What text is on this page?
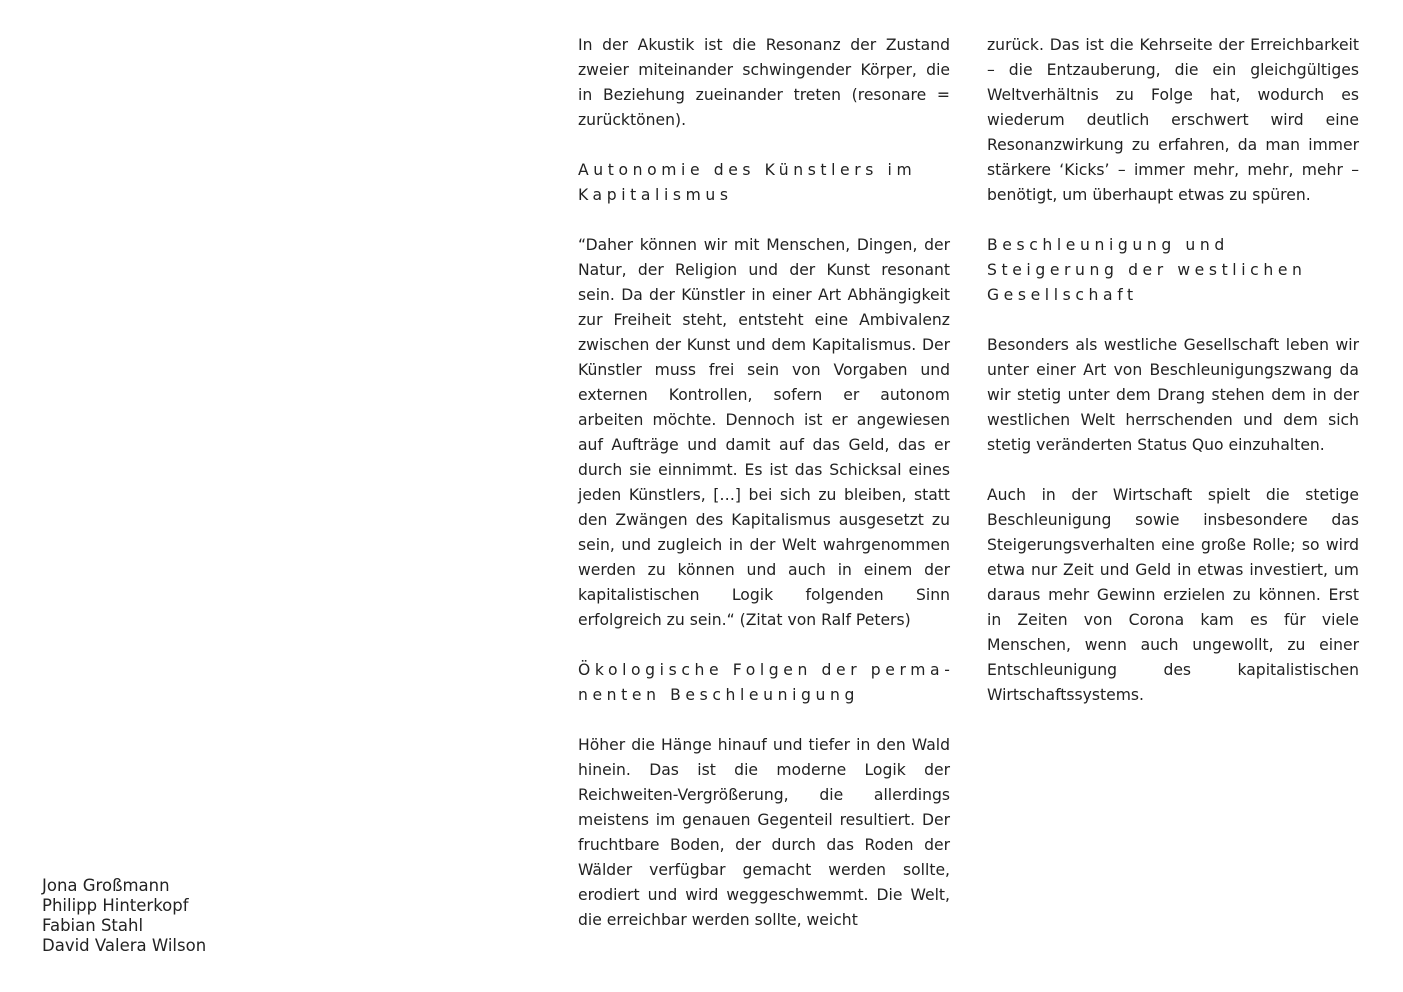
Jona Großmann
Philipp Hinterkopf
Fabian Stahl
David Valera Wilson

In der Akustik ist die Resonanz der Zustand zweier miteinander schwingender Körper, die in Beziehung zueinander treten (resonare = zurücktönen).

Autonomie des Künstlers im Kapitalismus

“Daher können wir mit Menschen, Dingen, der Natur, der Religion und der Kunst resonant sein. Da der Künstler in einer Art Abhängigkeit zur Freiheit steht, entsteht eine Ambivalenz zwischen der Kunst und dem Kapitalismus. Der Künstler muss frei sein von Vorgaben und externen Kontrollen, sofern er autonom arbeiten möchte. Dennoch ist er angewiesen auf Aufträge und damit auf das Geld, das er durch sie einnimmt. Es ist das Schicksal eines jeden Künstlers, […] bei sich zu bleiben, statt den Zwängen des Kapitalismus ausgesetzt zu sein, und zugleich in der Welt wahrgenommen werden zu können und auch in einem der kapitalistischen Logik folgenden Sinn erfolgreich zu sein.“ (Zitat von Ralf Peters)

Ökologische Folgen der permanenten Beschleunigung

Höher die Hänge hinauf und tiefer in den Wald hinein. Das ist die moderne Logik der Reichweiten-Vergrößerung, die allerdings meistens im genauen Gegenteil resultiert. Der fruchtbare Boden, der durch das Roden der Wälder verfügbar gemacht werden sollte, erodiert und wird weggeschwemmt. Die Welt, die erreichbar werden sollte, weicht

zurück. Das ist die Kehrseite der Erreichbarkeit – die Entzauberung, die ein gleichgültiges Weltverhältnis zu Folge hat, wodurch es wiederum deutlich erschwert wird eine Resonanzwirkung zu erfahren, da man immer stärkere ‘Kicks’ – immer mehr, mehr, mehr – benötigt, um überhaupt etwas zu spüren.

Beschleunigung und Steigerung der westlichen Gesellschaft

Besonders als westliche Gesellschaft leben wir unter einer Art von Beschleunigungszwang da wir stetig unter dem Drang stehen dem in der westlichen Welt herrschenden und dem sich stetig veränderten Status Quo einzuhalten.

Auch in der Wirtschaft spielt die stetige Beschleunigung sowie insbesondere das Steigerungsverhalten eine große Rolle; so wird etwa nur Zeit und Geld in etwas investiert, um daraus mehr Gewinn erzielen zu können. Erst in Zeiten von Corona kam es für viele Menschen, wenn auch ungewollt, zu einer Entschleunigung des kapitalistischen Wirtschaftssystems.
